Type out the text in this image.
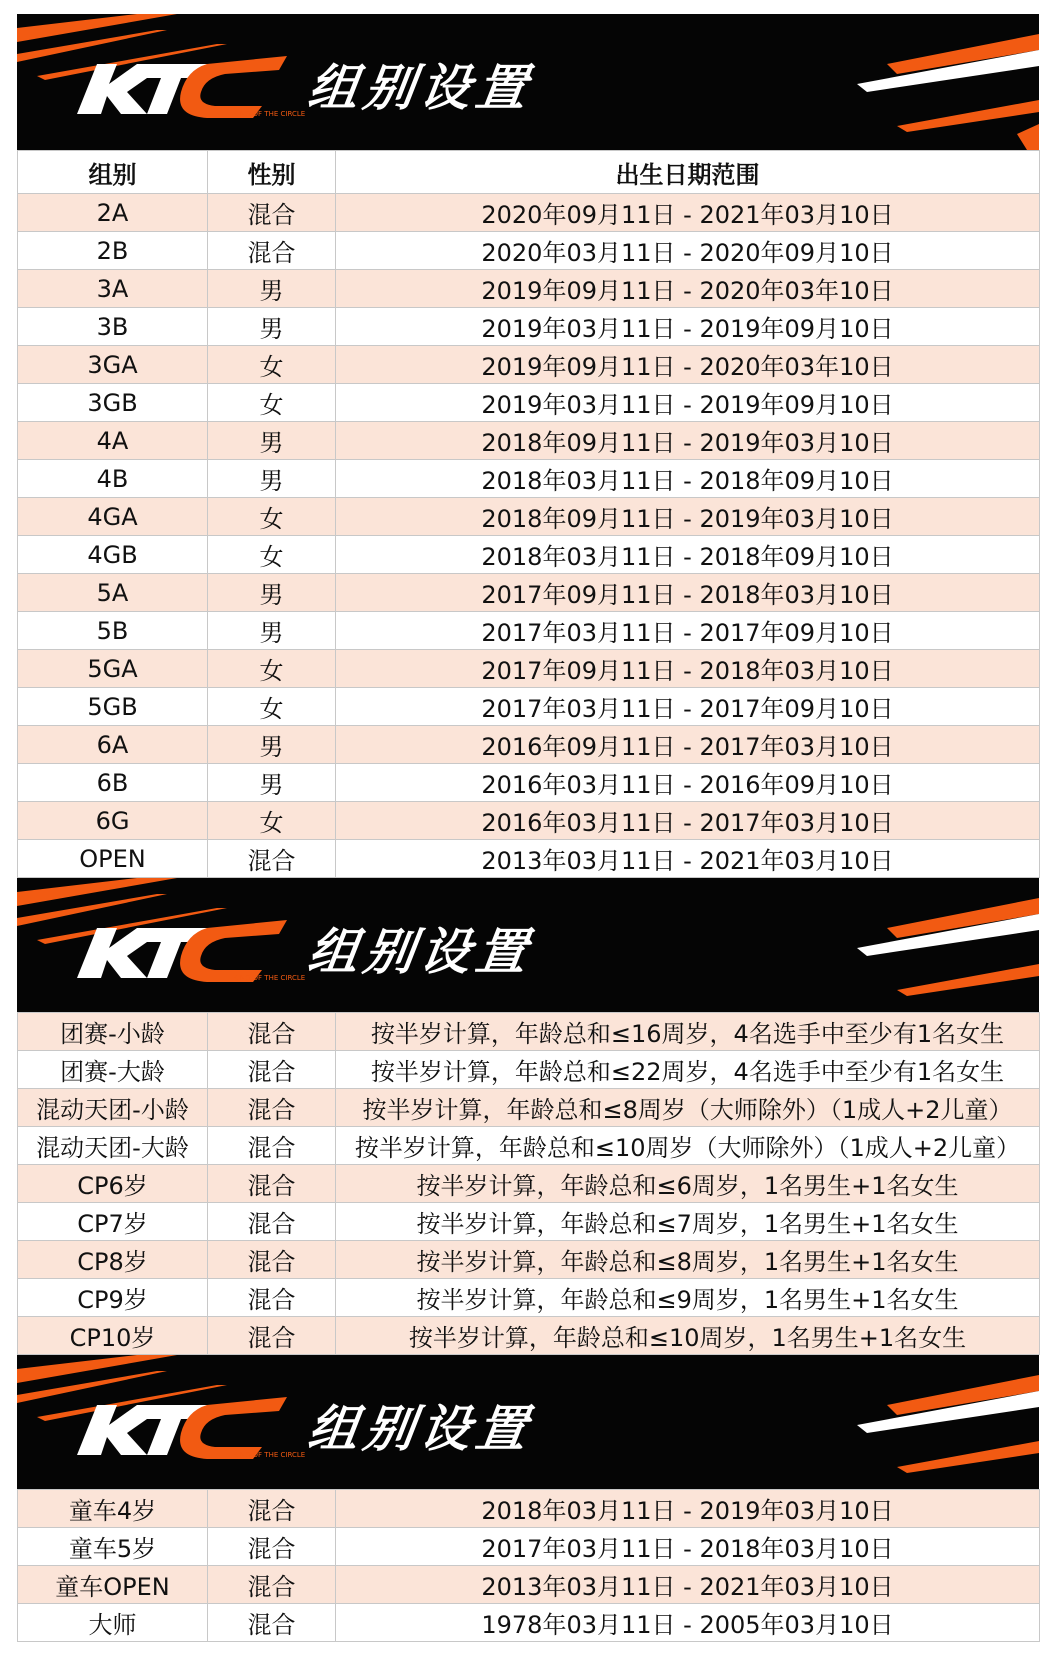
KING OF THE CIRCLE 组别设置
组别	性别	出生日期范围
2A	混合	2020年09月11日 - 2021年03月10日
2B	混合	2020年03月11日 - 2020年09月10日
3A	男	2019年09月11日 - 2020年03年10日
3B	男	2019年03月11日 - 2019年09月10日
3GA	女	2019年09月11日 - 2020年03年10日
3GB	女	2019年03月11日 - 2019年09月10日
4A	男	2018年09月11日 - 2019年03月10日
4B	男	2018年03月11日 - 2018年09月10日
4GA	女	2018年09月11日 - 2019年03月10日
4GB	女	2018年03月11日 - 2018年09月10日
5A	男	2017年09月11日 - 2018年03月10日
5B	男	2017年03月11日 - 2017年09月10日
5GA	女	2017年09月11日 - 2018年03月10日
5GB	女	2017年03月11日 - 2017年09月10日
6A	男	2016年09月11日 - 2017年03月10日
6B	男	2016年03月11日 - 2016年09月10日
6G	女	2016年03月11日 - 2017年03月10日
OPEN	混合	2013年03月11日 - 2021年03月10日
KING OF THE CIRCLE 组别设置
团赛-小龄	混合	按半岁计算，年龄总和≤16周岁，4名选手中至少有1名女生
团赛-大龄	混合	按半岁计算，年龄总和≤22周岁，4名选手中至少有1名女生
混动天团-小龄	混合	按半岁计算，年龄总和≤8周岁（大师除外）（1成人+2儿童）
混动天团-大龄	混合	按半岁计算，年龄总和≤10周岁（大师除外）（1成人+2儿童）
CP6岁	混合	按半岁计算，年龄总和≤6周岁，1名男生+1名女生
CP7岁	混合	按半岁计算，年龄总和≤7周岁，1名男生+1名女生
CP8岁	混合	按半岁计算，年龄总和≤8周岁，1名男生+1名女生
CP9岁	混合	按半岁计算，年龄总和≤9周岁，1名男生+1名女生
CP10岁	混合	按半岁计算，年龄总和≤10周岁，1名男生+1名女生
KING OF THE CIRCLE 组别设置
童车4岁	混合	2018年03月11日 - 2019年03月10日
童车5岁	混合	2017年03月11日 - 2018年03月10日
童车OPEN	混合	2013年03月11日 - 2021年03月10日
大师	混合	1978年03月11日 - 2005年03月10日
